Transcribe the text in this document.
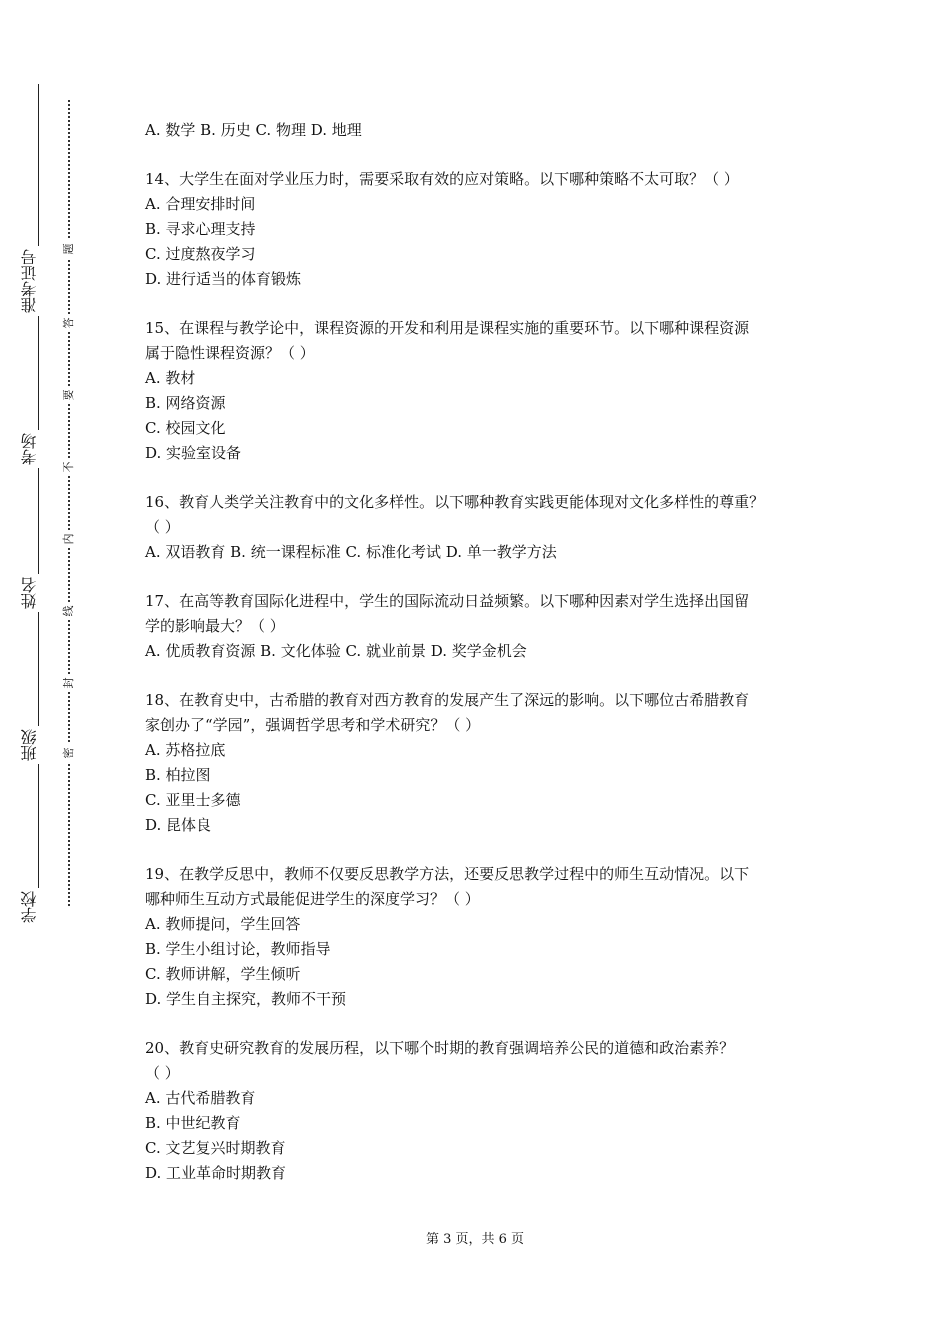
准考证号
考场
姓名
班级
学校
题
答
要
不
内
线
封
密
A. 数学 B. 历史 C. 物理 D. 地理
14、大学生在面对学业压力时，需要采取有效的应对策略。以下哪种策略不太可取？（ ）
A. 合理安排时间
B. 寻求心理支持
C. 过度熬夜学习
D. 进行适当的体育锻炼
15、在课程与教学论中，课程资源的开发和利用是课程实施的重要环节。以下哪种课程资源
属于隐性课程资源？（ ）
A. 教材
B. 网络资源
C. 校园文化
D. 实验室设备
16、教育人类学关注教育中的文化多样性。以下哪种教育实践更能体现对文化多样性的尊重？
（ ）
A. 双语教育 B. 统一课程标准 C. 标准化考试 D. 单一教学方法
17、在高等教育国际化进程中，学生的国际流动日益频繁。以下哪种因素对学生选择出国留
学的影响最大？（ ）
A. 优质教育资源 B. 文化体验 C. 就业前景 D. 奖学金机会
18、在教育史中，古希腊的教育对西方教育的发展产生了深远的影响。以下哪位古希腊教育
家创办了“学园”，强调哲学思考和学术研究？（ ）
A. 苏格拉底
B. 柏拉图
C. 亚里士多德
D. 昆体良
19、在教学反思中，教师不仅要反思教学方法，还要反思教学过程中的师生互动情况。以下
哪种师生互动方式最能促进学生的深度学习？（ ）
A. 教师提问，学生回答
B. 学生小组讨论，教师指导
C. 教师讲解，学生倾听
D. 学生自主探究，教师不干预
20、教育史研究教育的发展历程，以下哪个时期的教育强调培养公民的道德和政治素养？
（ ）
A. 古代希腊教育
B. 中世纪教育
C. 文艺复兴时期教育
D. 工业革命时期教育
第 3 页，共 6 页
